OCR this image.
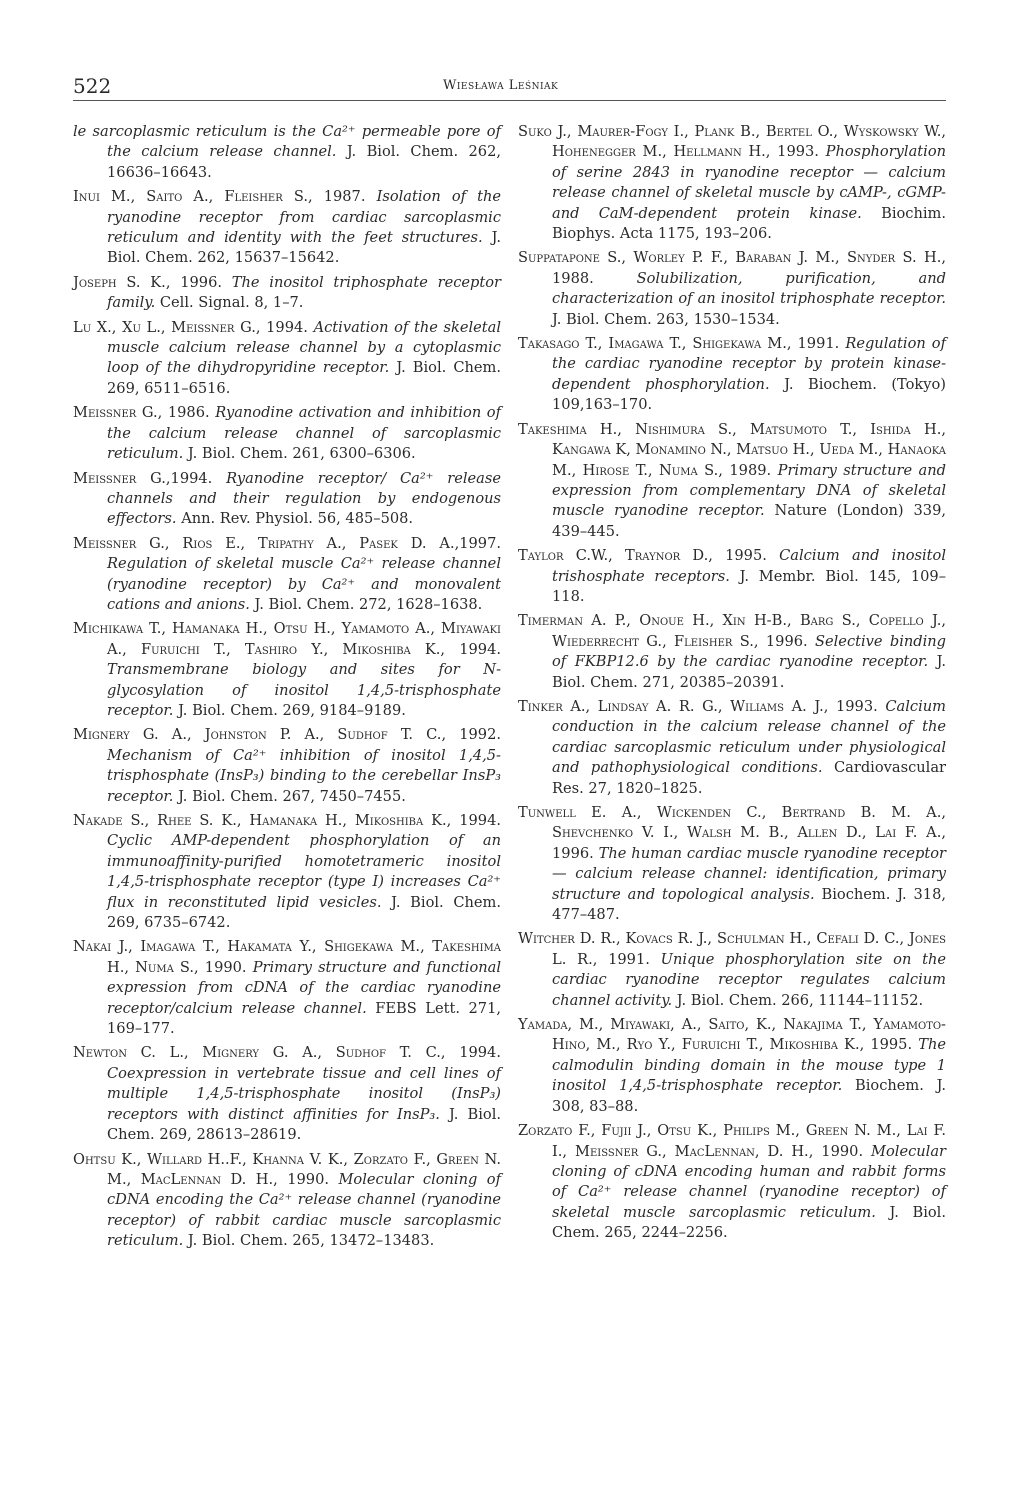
522	Wiesława Leśniak

le sarcoplasmic reticulum is the Ca²⁺ permeable pore of the calcium release channel. J. Biol. Chem. 262, 16636–16643.

Inui M., Saito A., Fleisher S., 1987. Isolation of the ryanodine receptor from cardiac sarcoplasmic reticulum and identity with the feet structures. J. Biol. Chem. 262, 15637–15642.

Joseph S. K., 1996. The inositol triphosphate receptor family. Cell. Signal. 8, 1–7.

Lu X., Xu L., Meissner G., 1994. Activation of the skeletal muscle calcium release channel by a cytoplasmic loop of the dihydropyridine receptor. J. Biol. Chem. 269, 6511–6516.

Meissner G., 1986. Ryanodine activation and inhibition of the calcium release channel of sarcoplasmic reticulum. J. Biol. Chem. 261, 6300–6306.

Meissner G.,1994. Ryanodine receptor/ Ca²⁺ release channels and their regulation by endogenous effectors. Ann. Rev. Physiol. 56, 485–508.

Meissner G., Rios E., Tripathy A., Pasek D. A.,1997. Regulation of skeletal muscle Ca²⁺ release channel (ryanodine receptor) by Ca²⁺ and monovalent cations and anions. J. Biol. Chem. 272, 1628–1638.

Michikawa T., Hamanaka H., Otsu H., Yamamoto A., Miyawaki A., Furuichi T., Tashiro Y., Mikoshiba K., 1994. Transmembrane biology and sites for N-glycosylation of inositol 1,4,5-trisphosphate receptor. J. Biol. Chem. 269, 9184–9189.

Mignery G. A., Johnston P. A., Sudhof T. C., 1992. Mechanism of Ca²⁺ inhibition of inositol 1,4,5-trisphosphate (InsP₃) binding to the cerebellar InsP₃ receptor. J. Biol. Chem. 267, 7450–7455.

Nakade S., Rhee S. K., Hamanaka H., Mikoshiba K., 1994. Cyclic AMP-dependent phosphorylation of an immunoaffinity-purified homotetrameric inositol 1,4,5-trisphosphate receptor (type I) increases Ca²⁺ flux in reconstituted lipid vesicles. J. Biol. Chem. 269, 6735–6742.

Nakai J., Imagawa T., Hakamata Y., Shigekawa M., Takeshima H., Numa S., 1990. Primary structure and functional expression from cDNA of the cardiac ryanodine receptor/calcium release channel. FEBS Lett. 271, 169–177.

Newton C. L., Mignery G. A., Sudhof T. C., 1994. Coexpression in vertebrate tissue and cell lines of multiple 1,4,5-trisphosphate inositol (InsP₃) receptors with distinct affinities for InsP₃. J. Biol. Chem. 269, 28613–28619.

Ohtsu K., Willard H..F., Khanna V. K., Zorzato F., Green N. M., MacLennan D. H., 1990. Molecular cloning of cDNA encoding the Ca²⁺ release channel (ryanodine receptor) of rabbit cardiac muscle sarcoplasmic reticulum. J. Biol. Chem. 265, 13472–13483.

Suko J., Maurer-Fogy I., Plank B., Bertel O., Wyskowsky W., Hohenegger M., Hellmann H., 1993. Phosphorylation of serine 2843 in ryanodine receptor — calcium release channel of skeletal muscle by cAMP-, cGMP- and CaM-dependent protein kinase. Biochim. Biophys. Acta 1175, 193–206.

Suppatapone S., Worley P. F., Baraban J. M., Snyder S. H., 1988.	Solubilization, purification, and characterization of an inositol triphosphate receptor. J. Biol. Chem. 263, 1530–1534.

Takasago T., Imagawa T., Shigekawa M., 1991. Regulation of the cardiac ryanodine receptor by protein kinase-dependent phosphorylation. J. Biochem. (Tokyo) 109,163–170.

Takeshima H., Nishimura S., Matsumoto T., Ishida H., Kangawa K, Monamino N., Matsuo H., Ueda M., Hanaoka M., Hirose T., Numa S., 1989. Primary structure and expression from complementary DNA of skeletal muscle ryanodine receptor. Nature (London) 339, 439–445.

Taylor C.W., Traynor D., 1995. Calcium and inositol trishosphate receptors. J. Membr. Biol. 145, 109–118.

Timerman A. P., Onoue H., Xin H-B., Barg S., Copello J., Wiederrecht G., Fleisher S., 1996. Selective binding of FKBP12.6 by the cardiac ryanodine receptor. J. Biol. Chem. 271, 20385–20391.

Tinker A., Lindsay A. R. G., Wiliams A. J., 1993. Calcium conduction in the calcium release channel of the cardiac sarcoplasmic reticulum under physiological and pathophysiological conditions. Cardiovascular Res. 27, 1820–1825.

Tunwell E. A., Wickenden C., Bertrand B. M. A., Shevchenko V. I., Walsh M. B., Allen D., Lai F. A., 1996. The human cardiac muscle ryanodine receptor — calcium release channel: identification, primary structure and topological analysis. Biochem. J. 318, 477–487.

Witcher D. R., Kovacs R. J., Schulman H., Cefali D. C., Jones L. R., 1991. Unique phosphorylation site on the cardiac ryanodine receptor regulates calcium channel activity. J. Biol. Chem. 266, 11144–11152.

Yamada, M., Miyawaki, A., Saito, K., Nakajima T., Yamamoto-Hino, M., Ryo Y., Furuichi T., Mikoshiba K., 1995. The calmodulin binding domain in the mouse type 1 inositol 1,4,5-trisphosphate receptor. Biochem. J. 308, 83–88.

Zorzato F., Fujii J., Otsu K., Philips M., Green N. M., Lai F. I., Meissner G., MacLennan, D. H., 1990. Molecular cloning of cDNA encoding human and rabbit forms of Ca²⁺ release channel (ryanodine receptor) of skeletal muscle sarcoplasmic reticulum. J. Biol. Chem. 265, 2244–2256.
